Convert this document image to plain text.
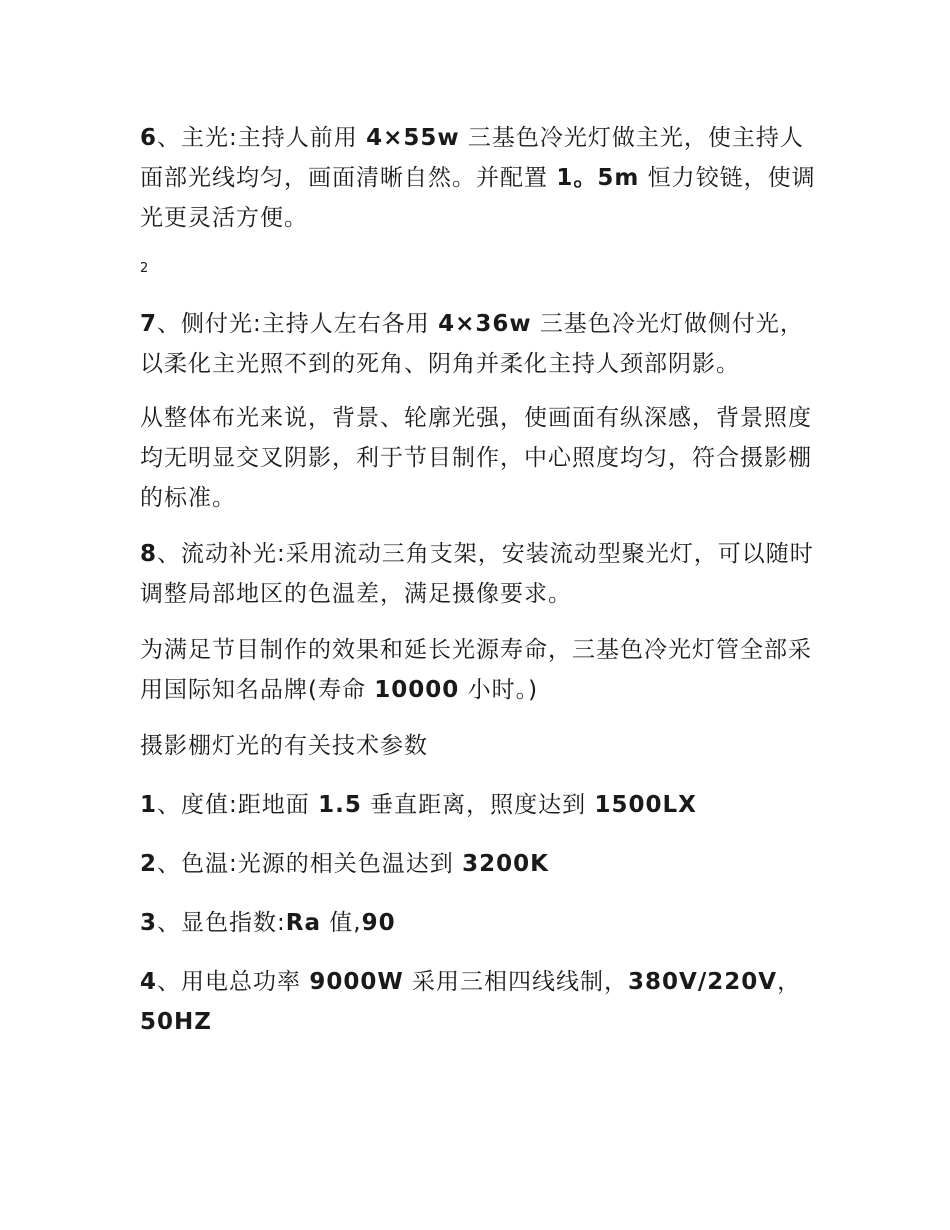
6、主光:主持人前用 4×55w 三基色冷光灯做主光，使主持人面部光线均匀，画面清晰自然。并配置 1。5m 恒力铰链，使调光更灵活方便。

2

7、侧付光:主持人左右各用 4×36w 三基色冷光灯做侧付光，以柔化主光照不到的死角、阴角并柔化主持人颈部阴影。

从整体布光来说，背景、轮廓光强，使画面有纵深感，背景照度均无明显交叉阴影，利于节目制作，中心照度均匀，符合摄影棚的标准。

8、流动补光:采用流动三角支架，安装流动型聚光灯，可以随时调整局部地区的色温差，满足摄像要求。

为满足节目制作的效果和延长光源寿命，三基色冷光灯管全部采用国际知名品牌(寿命 10000 小时。)

摄影棚灯光的有关技术参数

1、度值:距地面 1.5 垂直距离，照度达到 1500LX

2、色温:光源的相关色温达到 3200K

3、显色指数:Ra 值,90

4、用电总功率 9000W 采用三相四线线制，380V/220V，50HZ
